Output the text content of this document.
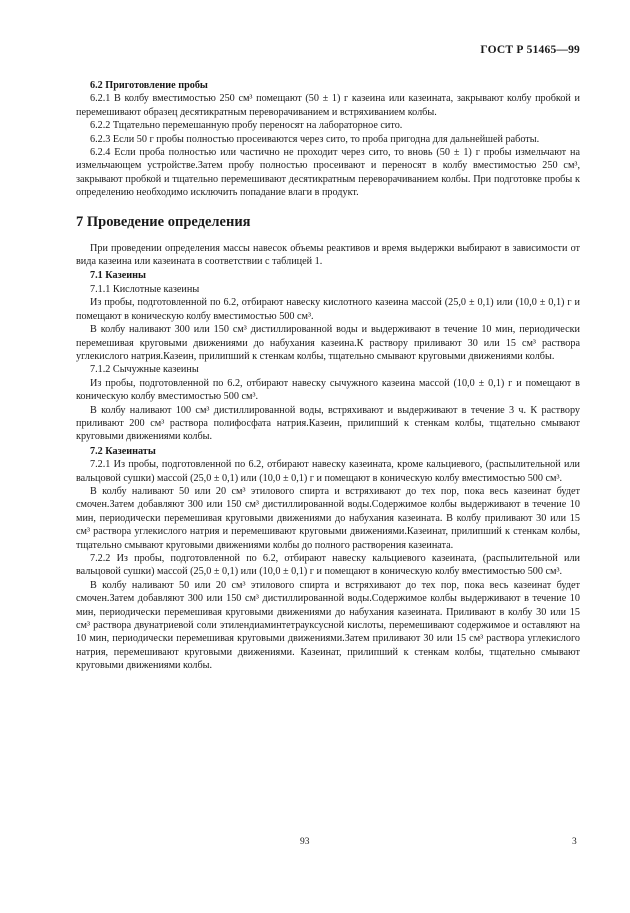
ГОСТ Р 51465—99

6.2 Приготовление пробы

6.2.1 В колбу вместимостью 250 см³ помещают (50 ± 1) г казеина или казеината, закрывают колбу пробкой и перемешивают образец десятикратным переворачиванием и встряхиванием колбы.

6.2.2 Тщательно перемешанную пробу переносят на лабораторное сито.

6.2.3 Если 50 г пробы полностью просеиваются через сито, то проба пригодна для дальнейшей работы.

6.2.4 Если проба полностью или частично не проходит через сито, то вновь (50 ± 1) г пробы измельчают на измельчающем устройстве.Затем пробу полностью просеивают и переносят в колбу вместимостью 250 см³, закрывают пробкой и тщательно перемешивают десятикратным переворачиванием колбы. При подготовке пробы к определению необходимо исключить попадание влаги в продукт.

7 Проведение определения

При проведении определения массы навесок объемы реактивов и время выдержки выбирают в зависимости от вида казеина или казеината в соответствии с таблицей 1.

7.1 Казеины

7.1.1 Кислотные казеины

Из пробы, подготовленной по 6.2, отбирают навеску кислотного казеина массой (25,0 ± 0,1) или (10,0 ± 0,1) г и помещают в коническую колбу вместимостью 500 см³.

В колбу наливают 300 или 150 см³ дистиллированной воды и выдерживают в течение 10 мин, периодически перемешивая круговыми движениями до набухания казеина.К раствору приливают 30 или 15 см³ раствора углекислого натрия.Казеин, прилипший к стенкам колбы, тщательно смывают круговыми движениями колбы.

7.1.2 Сычужные казеины

Из пробы, подготовленной по 6.2, отбирают навеску сычужного казеина массой (10,0 ± 0,1) г и помещают в коническую колбу вместимостью 500 см³.

В колбу наливают 100 см³ дистиллированной воды, встряхивают и выдерживают в течение 3 ч. К раствору приливают 200 см³ раствора полифосфата натрия.Казеин, прилипший к стенкам колбы, тщательно смывают круговыми движениями колбы.

7.2 Казеинаты

7.2.1 Из пробы, подготовленной по 6.2, отбирают навеску казеината, кроме кальциевого, (распылительной или вальцовой сушки) массой (25,0 ± 0,1) или (10,0 ± 0,1) г и помещают в коническую колбу вместимостью 500 см³.

В колбу наливают 50 или 20 см³ этилового спирта и встряхивают до тех пор, пока весь казеинат будет смочен.Затем добавляют 300 или 150 см³ дистиллированной воды.Содержимое колбы выдерживают в течение 10 мин, периодически перемешивая круговыми движениями до набухания казеината. В колбу приливают 30 или 15 см³ раствора углекислого натрия и перемешивают круговыми движениями.Казеинат, прилипший к стенкам колбы, тщательно смывают круговыми движениями колбы до полного растворения казеината.

7.2.2 Из пробы, подготовленной по 6.2, отбирают навеску кальциевого казеината, (распылительной или вальцовой сушки) массой (25,0 ± 0,1) или (10,0 ± 0,1) г и помещают в коническую колбу вместимостью 500 см³.

В колбу наливают 50 или 20 см³ этилового спирта и встряхивают до тех пор, пока весь казеинат будет смочен.Затем добавляют 300 или 150 см³ дистиллированной воды.Содержимое колбы выдерживают в течение 10 мин, периодически перемешивая круговыми движениями до набухания казеината. Приливают в колбу 30 или 15 см³ раствора двунатриевой соли этилендиаминтетрауксусной кислоты, перемешивают содержимое и оставляют на 10 мин, периодически перемешивая круговыми движениями.Затем приливают 30 или 15 см³ раствора углекислого натрия, перемешивают круговыми движениями. Казеинат, прилипший к стенкам колбы, тщательно смывают круговыми движениями колбы.

93	3
